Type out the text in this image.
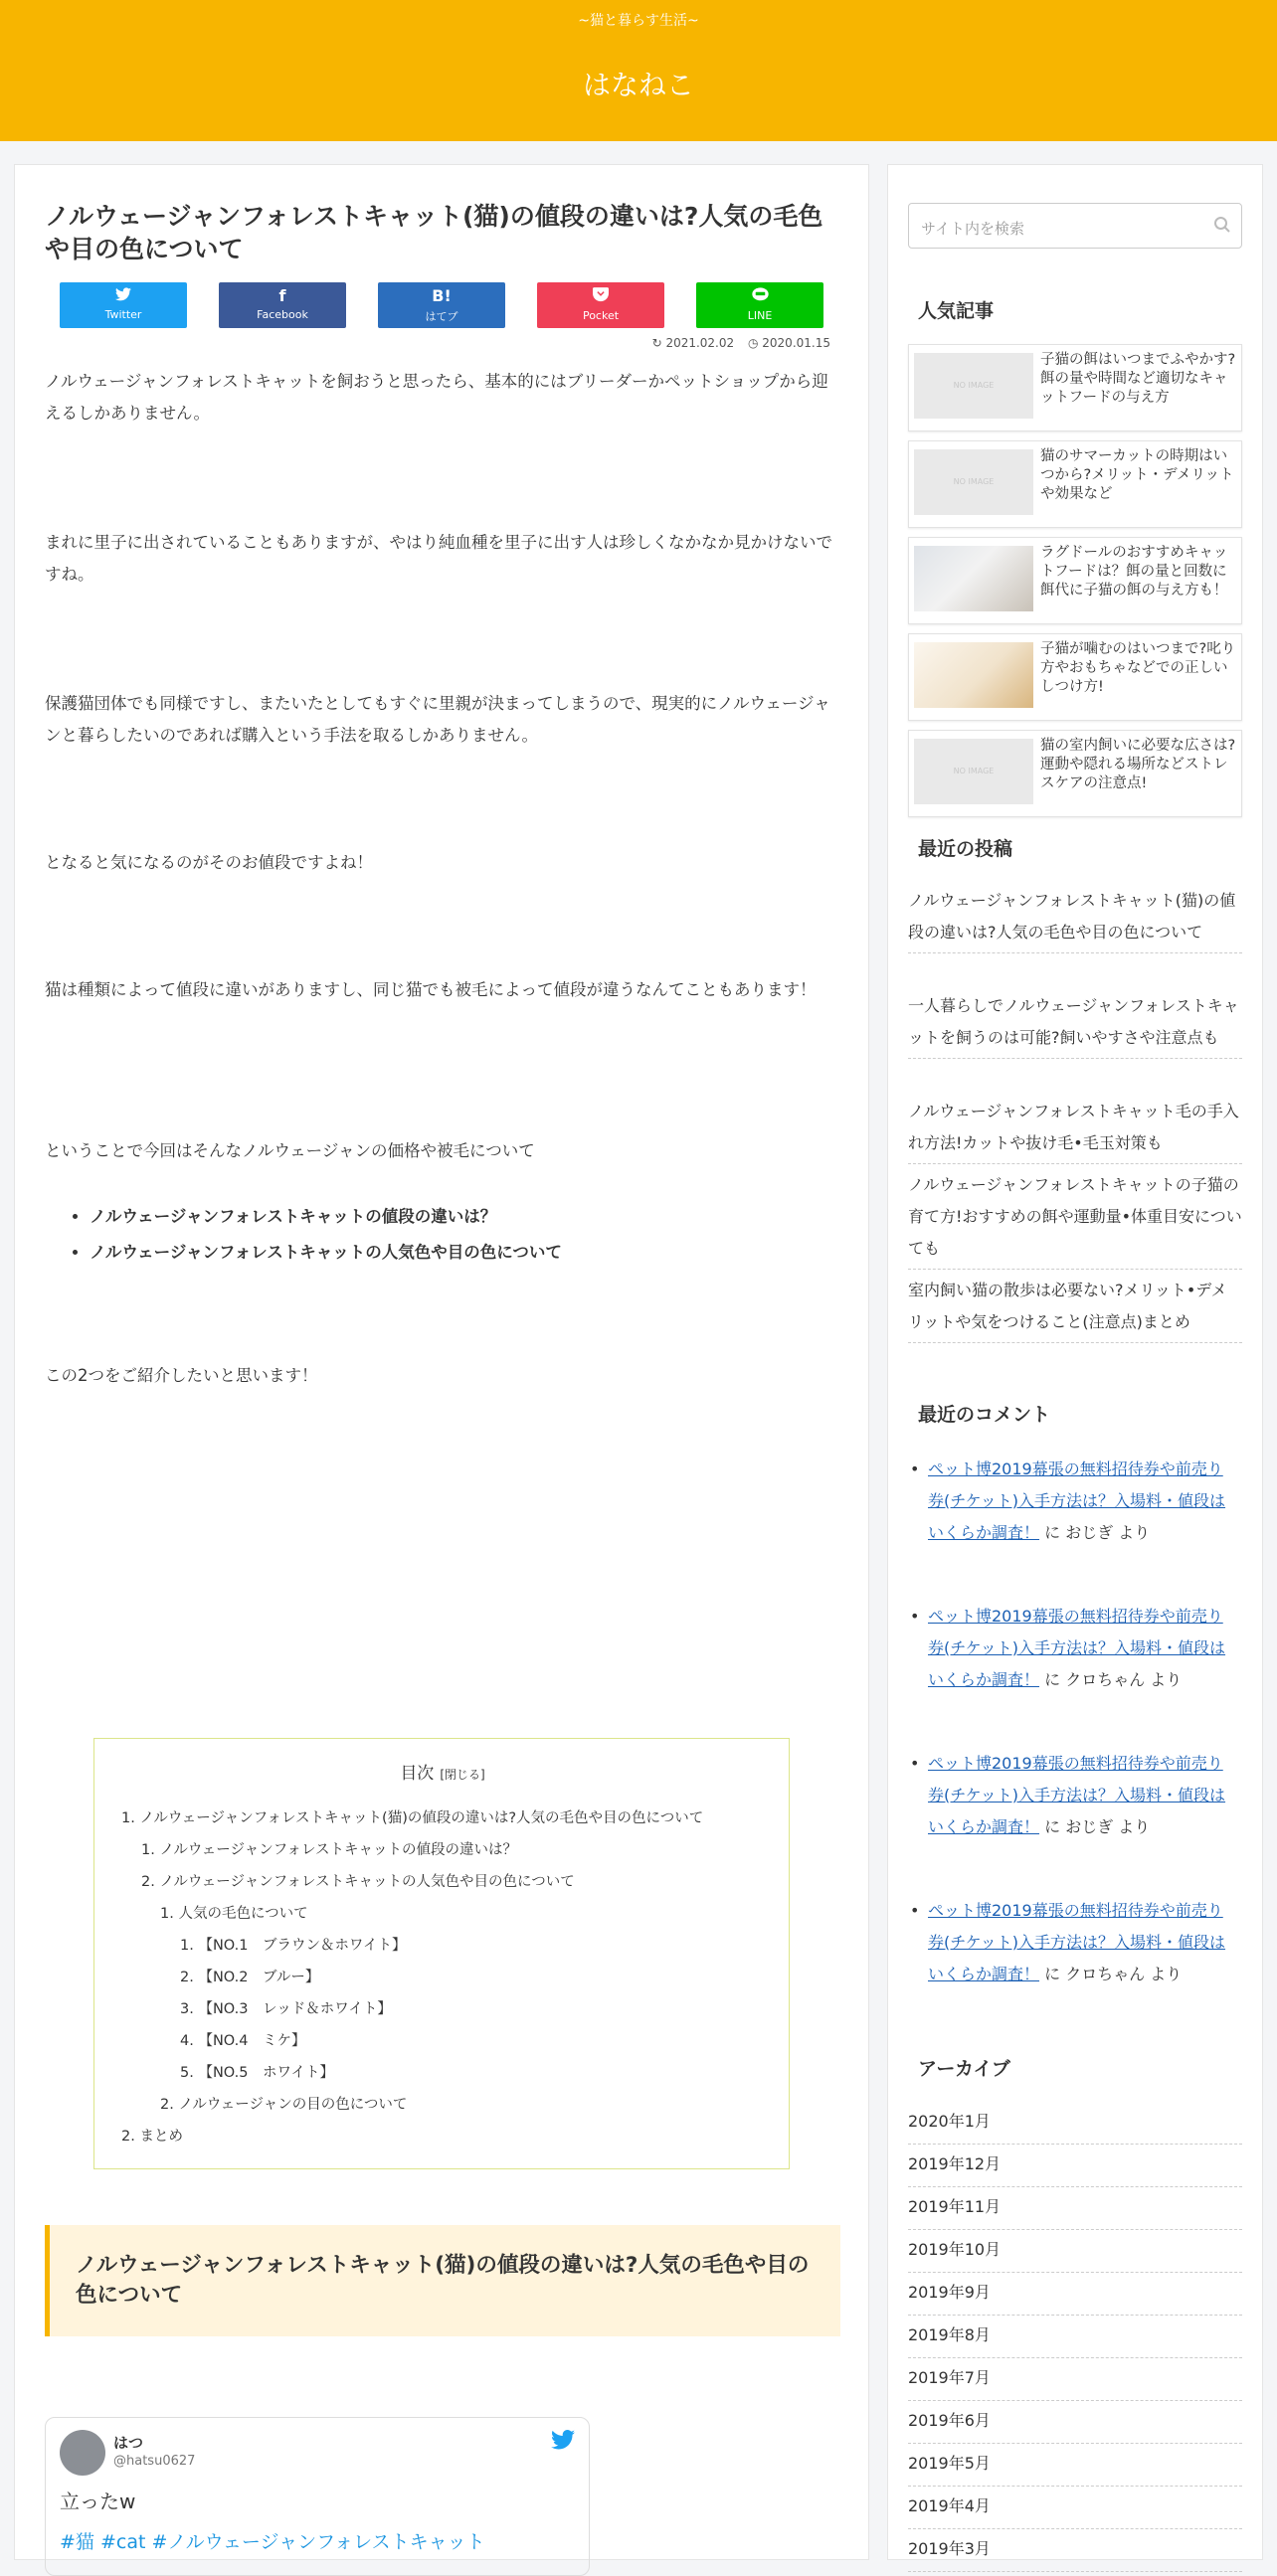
~猫と暮らす生活~
はなねこ
ノルウェージャンフォレストキャット(猫)の値段の違いは?人気の毛色や目の色について
Twitter
f
Facebook
B!
はてブ	Pocket	LINE
↻ 2021.02.02 ◷ 2020.01.15

ノルウェージャンフォレストキャットを飼おうと思ったら、基本的にはブリーダーかペットショップから迎えるしかありません。

まれに里子に出されていることもありますが、やはり純血種を里子に出す人は珍しくなかなか見かけないですね。

保護猫団体でも同様ですし、またいたとしてもすぐに里親が決まってしまうので、現実的にノルウェージャンと暮らしたいのであれば購入という手法を取るしかありません。

となると気になるのがそのお値段ですよね！

猫は種類によって値段に違いがありますし、同じ猫でも被毛によって値段が違うなんてこともあります！

ということで今回はそんなノルウェージャンの価格や被毛について

• ノルウェージャンフォレストキャットの値段の違いは？
• ノルウェージャンフォレストキャットの人気色や目の色について

この2つをご紹介したいと思います！

目次 [閉じる]
1. ノルウェージャンフォレストキャット(猫)の値段の違いは?人気の毛色や目の色について
1. ノルウェージャンフォレストキャットの値段の違いは？
2. ノルウェージャンフォレストキャットの人気色や目の色について
1. 人気の毛色について
1. 【NO.1　ブラウン＆ホワイト】
2. 【NO.2　ブルー】
3. 【NO.3　レッド＆ホワイト】
4. 【NO.4　ミケ】
5. 【NO.5　ホワイト】
2. ノルウェージャンの目の色について
2. まとめ
ノルウェージャンフォレストキャット(猫)の値段の違いは?人気の毛色や目の色について
はつ
@hatsu0627
立ったw
#猫 #cat #ノルウェージャンフォレストキャット
サイト内を検索
人気記事
NO IMAGE
子猫の餌はいつまでふやかす?餌の量や時間など適切なキャットフードの与え方
NO IMAGE
猫のサマーカットの時期はいつから?メリット・デメリットや効果など
ラグドールのおすすめキャットフードは？餌の量と回数に餌代に子猫の餌の与え方も！
子猫が噛むのはいつまで?叱り方やおもちゃなどでの正しいしつけ方!
NO IMAGE
猫の室内飼いに必要な広さは?運動や隠れる場所などストレスケアの注意点!
最近の投稿
ノルウェージャンフォレストキャット(猫)の値段の違いは?人気の毛色や目の色について
一人暮らしでノルウェージャンフォレストキャットを飼うのは可能?飼いやすさや注意点も
ノルウェージャンフォレストキャット毛の手入れ方法!カットや抜け毛•毛玉対策も
ノルウェージャンフォレストキャットの子猫の育て方!おすすめの餌や運動量•体重目安についても
室内飼い猫の散歩は必要ない?メリット•デメリットや気をつけること(注意点)まとめ
最近のコメント
• ペット博2019幕張の無料招待券や前売り券(チケット)入手方法は？入場料・値段はいくらか調査！ に おじぎ より
• ペット博2019幕張の無料招待券や前売り券(チケット)入手方法は？入場料・値段はいくらか調査！ に クロちゃん より
• ペット博2019幕張の無料招待券や前売り券(チケット)入手方法は？入場料・値段はいくらか調査！ に おじぎ より
• ペット博2019幕張の無料招待券や前売り券(チケット)入手方法は？入場料・値段はいくらか調査！ に クロちゃん より
アーカイブ
2020年1月
2019年12月
2019年11月
2019年10月
2019年9月
2019年8月
2019年7月
2019年6月
2019年5月
2019年4月
2019年3月
